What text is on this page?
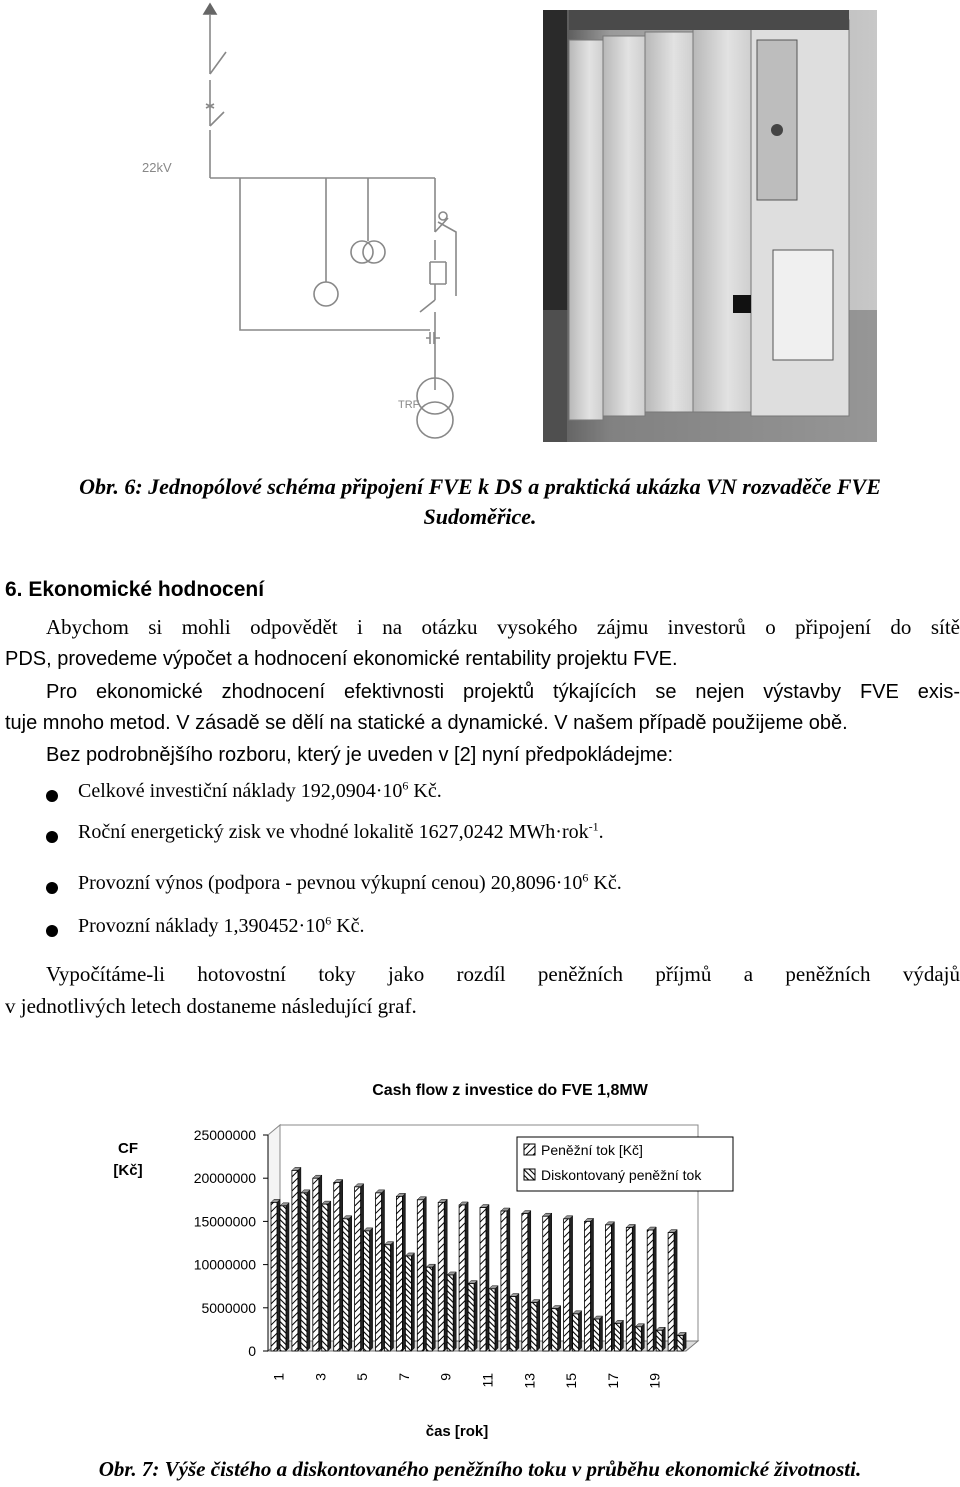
22kV
TRF
Obr. 6: Jednopólové schéma připojení FVE k DS a praktická ukázka VN rozvaděče FVE
Sudoměřice.
6. Ekonomické hodnocení
Abychom si mohli odpovědět i na otázku vysokého zájmu investorů o připojení do sítě
PDS, provedeme výpočet a hodnocení ekonomické rentability projektu FVE.
Pro ekonomické zhodnocení efektivnosti projektů týkajících se nejen výstavby FVE exis-
tuje mnoho metod. V zásadě se dělí na statické a dynamické. V našem případě použijeme obě.
Bez podrobnějšího rozboru, který je uveden v [2] nyní předpokládejme:
Celkové investiční náklady $192,0904\cdot 10^6$ Kč.
Roční energetický zisk ve vhodné lokalitě 1627,0242 MWh·rok$^{-1}$.
Provozní výnos (podpora - pevnou výkupní cenou) $20,8096\cdot 10^6$ Kč.
Provozní náklady $1,390452\cdot 10^6$ Kč.
Vypočítáme-li hotovostní toky jako rozdíl peněžních příjmů a peněžních výdajů
v jednotlivých letech dostaneme následující graf.
Cash flow z investice do FVE 1,8MW
CF
[Kč]
0
5000000
10000000
15000000
20000000
25000000
1 3 5 7 9 11 13 15 17 19
čas [rok]
Peněžní tok [Kč]
Diskontovaný peněžní tok
Obr. 7: Výše čistého a diskontovaného peněžního toku v průběhu ekonomické životnosti.
